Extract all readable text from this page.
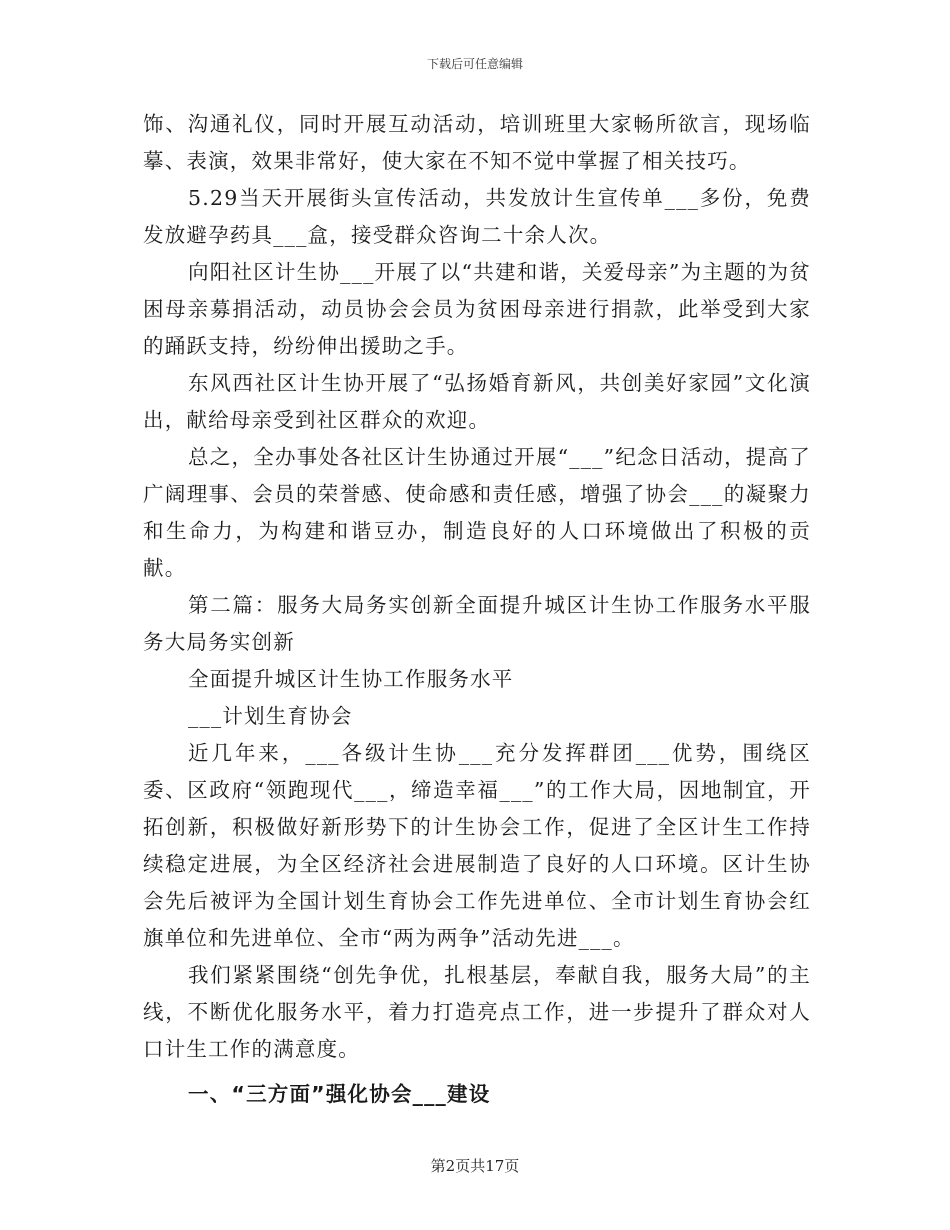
下载后可任意编辑

饰、沟通礼仪，同时开展互动活动，培训班里大家畅所欲言，现场临摹、表演，效果非常好，使大家在不知不觉中掌握了相关技巧。

5.29当天开展街头宣传活动，共发放计生宣传单___多份，免费发放避孕药具___盒，接受群众咨询二十余人次。

向阳社区计生协___开展了以“共建和谐，关爱母亲”为主题的为贫困母亲募捐活动，动员协会会员为贫困母亲进行捐款，此举受到大家的踊跃支持，纷纷伸出援助之手。

东风西社区计生协开展了“弘扬婚育新风，共创美好家园”文化演出，献给母亲受到社区群众的欢迎。

总之，全办事处各社区计生协通过开展“___”纪念日活动，提高了广阔理事、会员的荣誉感、使命感和责任感，增强了协会___的凝聚力和生命力，为构建和谐豆办，制造良好的人口环境做出了积极的贡献。

第二篇：服务大局务实创新全面提升城区计生协工作服务水平服务大局务实创新

全面提升城区计生协工作服务水平

___计划生育协会

近几年来，___各级计生协___充分发挥群团___优势，围绕区委、区政府“领跑现代___，缔造幸福___”的工作大局，因地制宜，开拓创新，积极做好新形势下的计生协会工作，促进了全区计生工作持续稳定进展，为全区经济社会进展制造了良好的人口环境。区计生协会先后被评为全国计划生育协会工作先进单位、全市计划生育协会红旗单位和先进单位、全市“两为两争”活动先进___。

我们紧紧围绕“创先争优，扎根基层，奉献自我，服务大局”的主线，不断优化服务水平，着力打造亮点工作，进一步提升了群众对人口计生工作的满意度。

一、“三方面”强化协会___建设

第2页共17页
